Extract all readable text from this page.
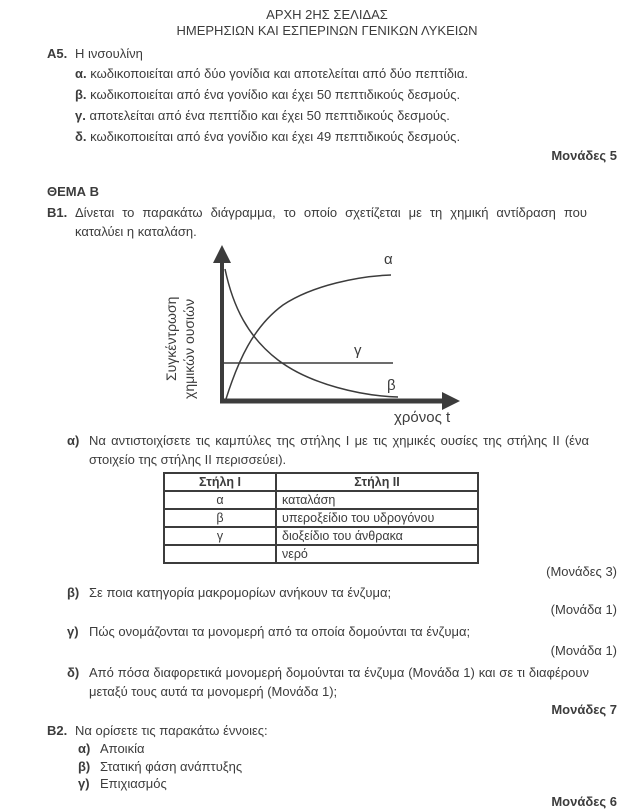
ΑΡΧΗ 2ΗΣ ΣΕΛΙΔΑΣ
ΗΜΕΡΗΣΙΩΝ ΚΑΙ ΕΣΠΕΡΙΝΩΝ ΓΕΝΙΚΩΝ ΛΥΚΕΙΩΝ
Α5. Η ινσουλίνη
α. κωδικοποιείται από δύο γονίδια και αποτελείται από δύο πεπτίδια.
β. κωδικοποιείται από ένα γονίδιο και έχει 50 πεπτιδικούς δεσμούς.
γ. αποτελείται από ένα πεπτίδιο και έχει 50 πεπτιδικούς δεσμούς.
δ. κωδικοποιείται από ένα γονίδιο και έχει 49 πεπτιδικούς δεσμούς.
Μονάδες 5
ΘΕΜΑ Β
Β1. Δίνεται το παρακάτω διάγραμμα, το οποίο σχετίζεται με τη χημική αντίδραση που καταλύει η καταλάση.
α
γ
β
χρόνος t
Συγκέντρωση χημικών ουσιών
α) Να αντιστοιχίσετε τις καμπύλες της στήλης Ι με τις χημικές ουσίες της στήλης ΙΙ (ένα στοιχείο της στήλης ΙΙ περισσεύει).
Στήλη Ι	Στήλη ΙΙ
α	καταλάση
β	υπεροξείδιο του υδρογόνου
γ	διοξείδιο του άνθρακα
	νερό
(Μονάδες 3)
β) Σε ποια κατηγορία μακρομορίων ανήκουν τα ένζυμα;
(Μονάδα 1)
γ) Πώς ονομάζονται τα μονομερή από τα οποία δομούνται τα ένζυμα;
(Μονάδα 1)
δ) Από πόσα διαφορετικά μονομερή δομούνται τα ένζυμα (Μονάδα 1) και σε τι διαφέρουν μεταξύ τους αυτά τα μονομερή (Μονάδα 1);
Μονάδες 7
Β2. Να ορίσετε τις παρακάτω έννοιες:
α) Αποικία
β) Στατική φάση ανάπτυξης
γ) Επιχιασμός
Μονάδες 6
